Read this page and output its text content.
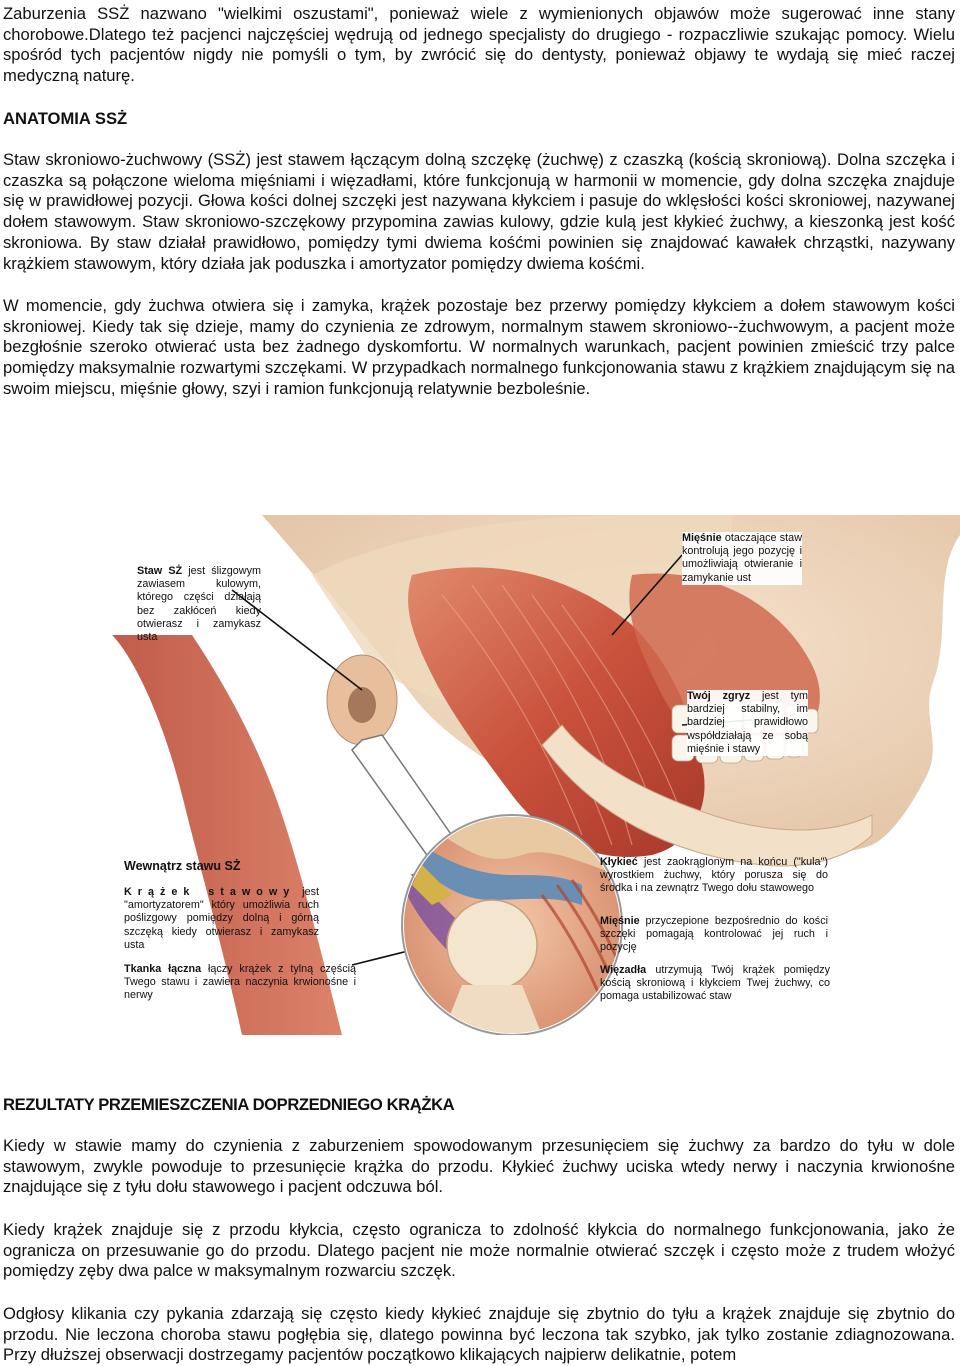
Zaburzenia SSŻ nazwano "wielkimi oszustami", ponieważ wiele z wymienionych objawów może sugerować inne stany chorobowe.Dlatego też pacjenci najczęściej wędrują od jednego specjalisty do drugiego - rozpaczliwie szukając pomocy. Wielu spośród tych pacjentów nigdy nie pomyśli o tym, by zwrócić się do dentysty, ponieważ objawy te wydają się mieć raczej medyczną naturę.

ANATOMIA SSŻ

Staw skroniowo-żuchwowy (SSŻ) jest stawem łączącym dolną szczękę (żuchwę) z czaszką (kością skroniową). Dolna szczęka i czaszka są połączone wieloma mięśniami i więzadłami, które funkcjonują w harmonii w momencie, gdy dolna szczęka znajduje się w prawidłowej pozycji. Głowa kości dolnej szczęki jest nazywana kłykciem i pasuje do wklęsłości kości skroniowej, nazywanej dołem stawowym. Staw skroniowo-szczękowy przypomina zawias kulowy, gdzie kulą jest kłykieć żuchwy, a kieszonką jest kość skroniowa. By staw działał prawidłowo, pomiędzy tymi dwiema kośćmi powinien się znajdować kawałek chrząstki, nazywany krążkiem stawowym, który działa jak poduszka i amortyzator pomiędzy dwiema kośćmi.

W momencie, gdy żuchwa otwiera się i zamyka, krążek pozostaje bez przerwy pomiędzy kłykciem a dołem stawowym kości skroniowej. Kiedy tak się dzieje, mamy do czynienia ze zdrowym, normalnym stawem skroniowo--żuchwowym, a pacjent może bezgłośnie szeroko otwierać usta bez żadnego dyskomfortu. W normalnych warunkach, pacjent powinien zmieścić trzy palce pomiędzy maksymalnie rozwartymi szczękami. W przypadkach normalnego funkcjonowania stawu z krążkiem znajdującym się na swoim miejscu, mięśnie głowy, szyi i ramion funkcjonują relatywnie bezboleśnie.

Staw SŻ jest ślizgowym zawiasem kulowym, którego części działają bez zakłóceń kiedy otwierasz i zamykasz usta

Mięśnie otaczające staw kontrolują jego pozycję i umożliwiają otwieranie i zamykanie ust

Twój zgryz jest tym bardziej stabilny, im bardziej prawidłowo współdziałają ze sobą mięśnie i stawy

Wewnątrz stawu SŻ

Krążek stawowy jest "amortyzatorem" który umożliwia ruch poślizgowy pomiędzy dolną i górną szczęką kiedy otwierasz i zamykasz usta

Tkanka łączna łączy krążek z tylną częścią Twego stawu i zawiera naczynia krwionośne i nerwy

Kłykieć jest zaokrąglonym na końcu ("kula") wyrostkiem żuchwy, który porusza się do środka i na zewnątrz Twego dołu stawowego

Mięśnie przyczepione bezpośrednio do kości szczęki pomagają kontrolować jej ruch i pozycję

Więzadła utrzymują Twój krążek pomiędzy kością skroniową i kłykciem Twej żuchwy, co pomaga ustabilizować staw

REZULTATY PRZEMIESZCZENIA DOPRZEDNIEGO KRĄŻKA

Kiedy w stawie mamy do czynienia z zaburzeniem spowodowanym przesunięciem się żuchwy za bardzo do tyłu w dole stawowym, zwykle powoduje to przesunięcie krążka do przodu. Kłykieć żuchwy uciska wtedy nerwy i naczynia krwionośne znajdujące się z tyłu dołu stawowego i pacjent odczuwa ból.

Kiedy krążek znajduje się z przodu kłykcia, często ogranicza to zdolność kłykcia do normalnego funkcjonowania, jako że ogranicza on przesuwanie go do przodu. Dlatego pacjent nie może normalnie otwierać szczęk i często może z trudem włożyć pomiędzy zęby dwa palce w maksymalnym rozwarciu szczęk.

Odgłosy klikania czy pykania zdarzają się często kiedy kłykieć znajduje się zbytnio do tyłu a krążek znajduje się zbytnio do przodu. Nie leczona choroba stawu pogłębia się, dlatego powinna być leczona tak szybko, jak tylko zostanie zdiagnozowana. Przy dłuższej obserwacji dostrzegamy pacjentów początkowo klikających najpierw delikatnie, potem
